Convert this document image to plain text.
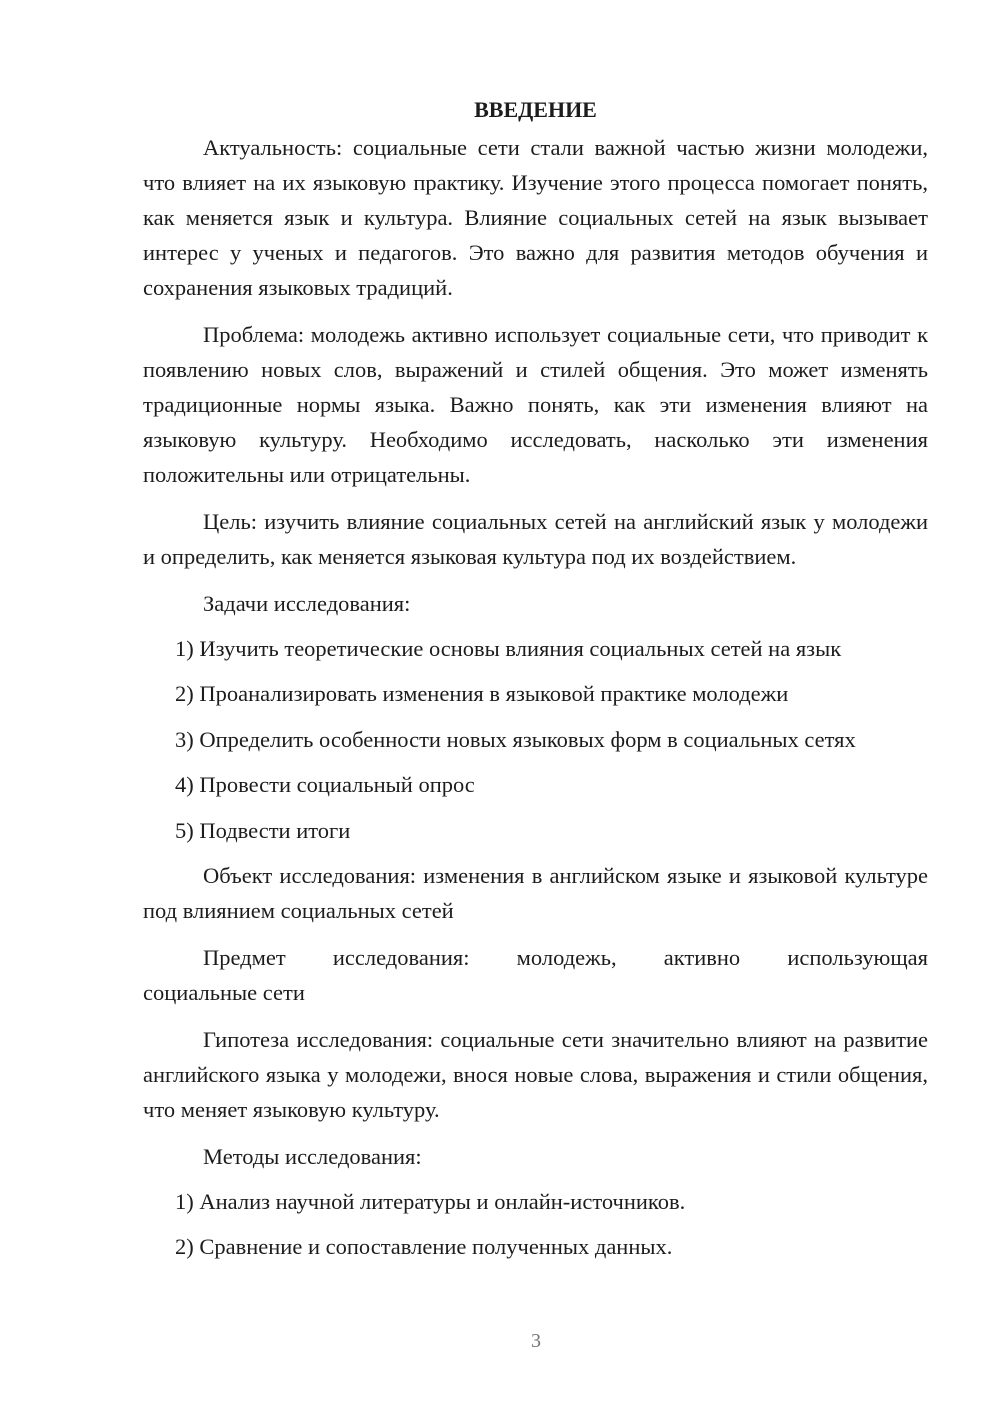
ВВЕДЕНИЕ

Актуальность: социальные сети стали важной частью жизни молодежи, что влияет на их языковую практику. Изучение этого процесса помогает понять, как меняется язык и культура. Влияние социальных сетей на язык вызывает интерес у ученых и педагогов. Это важно для развития методов обучения и сохранения языковых традиций.

Проблема: молодежь активно использует социальные сети, что приводит к появлению новых слов, выражений и стилей общения. Это может изменять традиционные нормы языка. Важно понять, как эти изменения влияют на языковую культуру. Необходимо исследовать, насколько эти изменения положительны или отрицательны.

Цель: изучить влияние социальных сетей на английский язык у молодежи и определить, как меняется языковая культура под их воздействием.

Задачи исследования:

1) Изучить теоретические основы влияния социальных сетей на язык
2) Проанализировать изменения в языковой практике молодежи
3) Определить особенности новых языковых форм в социальных сетях
4) Провести социальный опрос
5) Подвести итоги

Объект исследования: изменения в английском языке и языковой культуре под влиянием социальных сетей

Предмет исследования: молодежь, активно использующая

социальные сети

Гипотеза исследования: социальные сети значительно влияют на развитие английского языка у молодежи, внося новые слова, выражения и стили общения, что меняет языковую культуру.

Методы исследования:

1) Анализ научной литературы и онлайн-источников.
2) Сравнение и сопоставление полученных данных.
3
